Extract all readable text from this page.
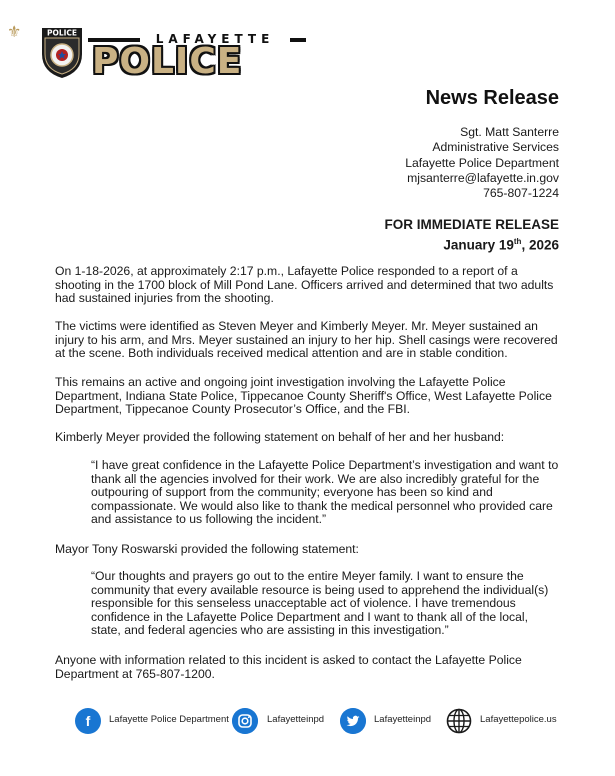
⚜	POLICE	LAFAYETTE
POLICE
News Release
Sgt. Matt Santerre
Administrative Services
Lafayette Police Department
mjsanterre@lafayette.in.gov
765-807-1224
FOR IMMEDIATE RELEASE
January 19th, 2026

On 1-18-2026, at approximately 2:17 p.m., Lafayette Police responded to a report of a shooting in the 1700 block of Mill Pond Lane. Officers arrived and determined that two adults had sustained injuries from the shooting.

The victims were identified as Steven Meyer and Kimberly Meyer. Mr. Meyer sustained an injury to his arm, and Mrs. Meyer sustained an injury to her hip. Shell casings were recovered at the scene. Both individuals received medical attention and are in stable condition.

This remains an active and ongoing joint investigation involving the Lafayette Police Department, Indiana State Police, Tippecanoe County Sheriff's Office, West Lafayette Police Department, Tippecanoe County Prosecutor’s Office, and the FBI.

Kimberly Meyer provided the following statement on behalf of her and her husband:

“I have great confidence in the Lafayette Police Department’s investigation and want to thank all the agencies involved for their work. We are also incredibly grateful for the outpouring of support from the community; everyone has been so kind and compassionate. We would also like to thank the medical personnel who provided care and assistance to us following the incident.”

Mayor Tony Roswarski provided the following statement:

“Our thoughts and prayers go out to the entire Meyer family. I want to ensure the community that every available resource is being used to apprehend the individual(s) responsible for this senseless unacceptable act of violence. I have tremendous confidence in the Lafayette Police Department and I want to thank all of the local, state, and federal agencies who are assisting in this investigation.”

Anyone with information related to this incident is asked to contact the Lafayette Police Department at 765-807-1200.

f	Lafayette Police Department	Lafayetteinpd	Lafayetteinpd	Lafayettepolice.us
